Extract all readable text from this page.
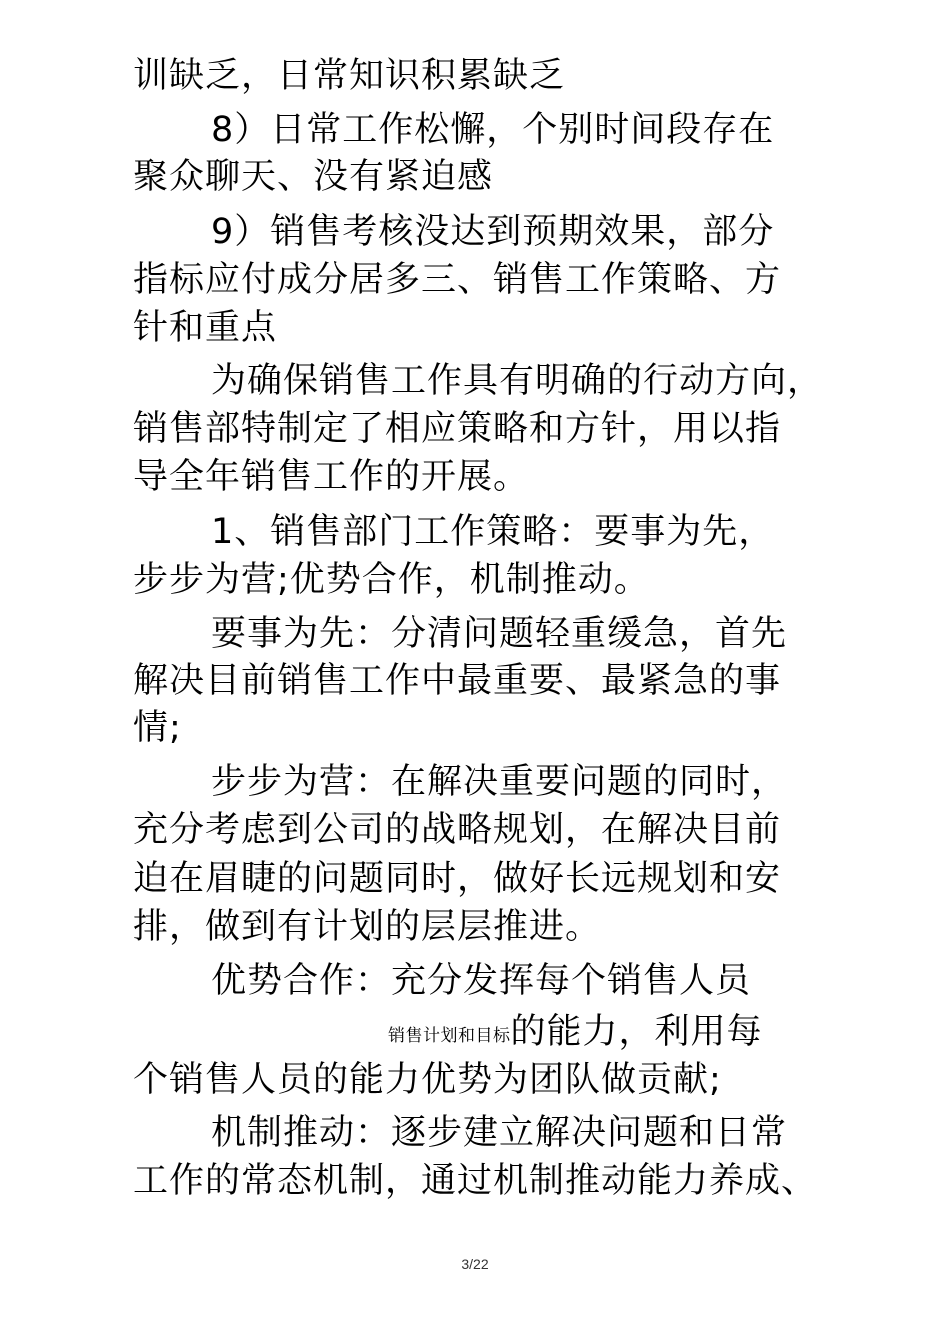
训缺乏，日常知识积累缺乏
8）日常工作松懈，个别时间段存在
聚众聊天、没有紧迫感
9）销售考核没达到预期效果，部分
指标应付成分居多三、销售工作策略、方
针和重点
为确保销售工作具有明确的行动方向，
销售部特制定了相应策略和方针，用以指
导全年销售工作的开展。
1、销售部门工作策略：要事为先，
步步为营;优势合作，机制推动。
要事为先：分清问题轻重缓急，首先
解决目前销售工作中最重要、最紧急的事
情;
步步为营：在解决重要问题的同时，
充分考虑到公司的战略规划，在解决目前
迫在眉睫的问题同时，做好长远规划和安
排，做到有计划的层层推进。
优势合作：充分发挥每个销售人员
销售计划和目标的能力，利用每
个销售人员的能力优势为团队做贡献;
机制推动：逐步建立解决问题和日常
工作的常态机制，通过机制推动能力养成、
3/22
